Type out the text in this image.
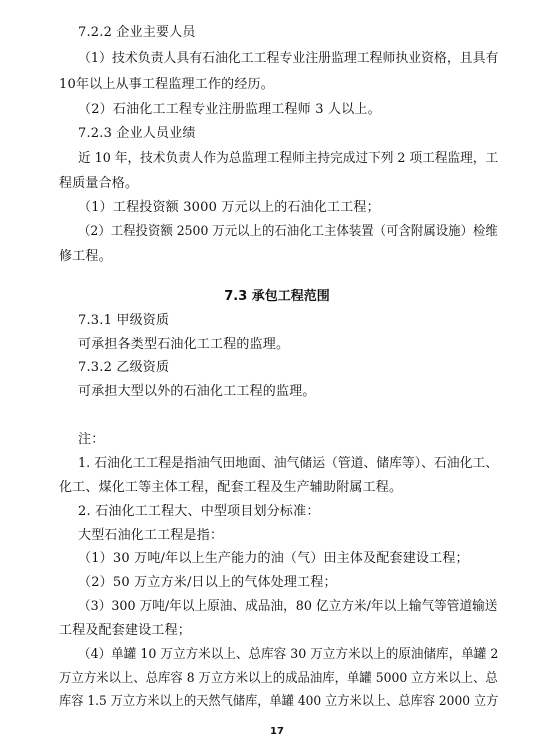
7.2.2 企业主要人员
（1）技术负责人具有石油化工工程专业注册监理工程师执业资格，且具有
10年以上从事工程监理工作的经历。
（2）石油化工工程专业注册监理工程师 3 人以上。
7.2.3 企业人员业绩
近 10 年，技术负责人作为总监理工程师主持完成过下列 2 项工程监理，工
程质量合格。
（1）工程投资额 3000 万元以上的石油化工工程；
（2）工程投资额 2500 万元以上的石油化工主体装置（可含附属设施）检维
修工程。
7.3 承包工程范围
7.3.1 甲级资质
可承担各类型石油化工工程的监理。
7.3.2 乙级资质
可承担大型以外的石油化工工程的监理。
注：
1. 石油化工工程是指油气田地面、油气储运（管道、储库等）、石油化工、
化工、煤化工等主体工程，配套工程及生产辅助附属工程。
2. 石油化工工程大、中型项目划分标准：
大型石油化工工程是指：
（1）30 万吨/年以上生产能力的油（气）田主体及配套建设工程；
（2）50 万立方米/日以上的气体处理工程；
（3）300 万吨/年以上原油、成品油，80 亿立方米/年以上输气等管道输送
工程及配套建设工程；
（4）单罐 10 万立方米以上、总库容 30 万立方米以上的原油储库，单罐 2
万立方米以上、总库容 8 万立方米以上的成品油库，单罐 5000 立方米以上、总
库容 1.5 万立方米以上的天然气储库，单罐 400 立方米以上、总库容 2000 立方
17
